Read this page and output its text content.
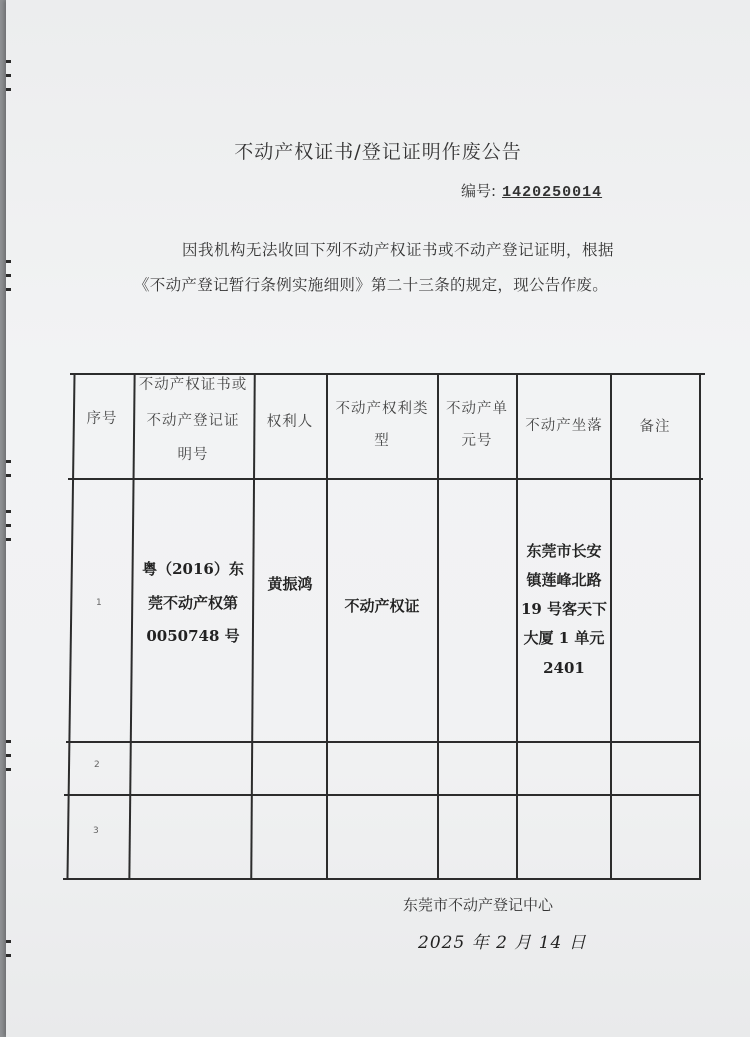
不动产权证书/登记证明作废公告
编号: 1420250014
因我机构无法收回下列不动产权证书或不动产登记证明，根据
《不动产登记暂行条例实施细则》第二十三条的规定，现公告作废。
序号
不动产权证书或
不动产登记证
明号
权利人
不动产权利类
型
不动产单
元号
不动产坐落	备注
1
粤（2016）东
莞不动产权第
0050748 号
黄振鸿
不动产权证
东莞市长安
镇莲峰北路
19 号客天下
大厦 1 单元
2401
2
3
东莞市不动产登记中心
2025 年 2 月 14 日
